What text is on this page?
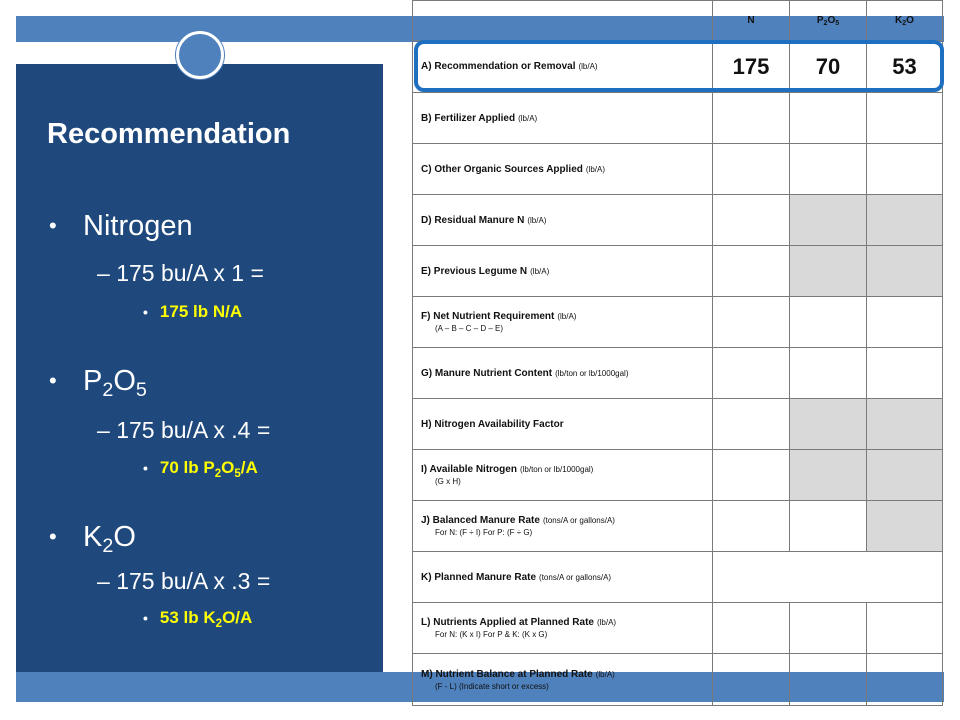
Recommendation
• Nitrogen
– 175 bu/A x 1 =
• 175 lb N/A
• $P_2O_5$
– 175 bu/A x .4 =
• 70 lb $P_2O_5/A$
• $K_2O$
– 175 bu/A x .3 =
• 53 lb $K_2O/A$
	N	$P_2O_5$	$K_2O$
A) Recommendation or Removal (lb/A)	175	70	53
B) Fertilizer Applied (lb/A)			
C) Other Organic Sources Applied (lb/A)			
D) Residual Manure N (lb/A)			
E) Previous Legume N (lb/A)			
F) Net Nutrient Requirement (lb/A)
(A – B – C – D – E)			

G) Manure Nutrient Content (lb/ton or lb/1000gal)			
H) Nitrogen Availability Factor			
I) Available Nitrogen (lb/ton or lb/1000gal)
(G x H)			

J) Balanced Manure Rate (tons/A or gallons/A)
For N: (F ÷ I) For P: (F ÷ G)			

K) Planned Manure Rate (tons/A or gallons/A)			
L) Nutrients Applied at Planned Rate (lb/A)
For N: (K x I) For P & K: (K x G)			

M) Nutrient Balance at Planned Rate (lb/A)
(F - L) (Indicate short or excess)			
